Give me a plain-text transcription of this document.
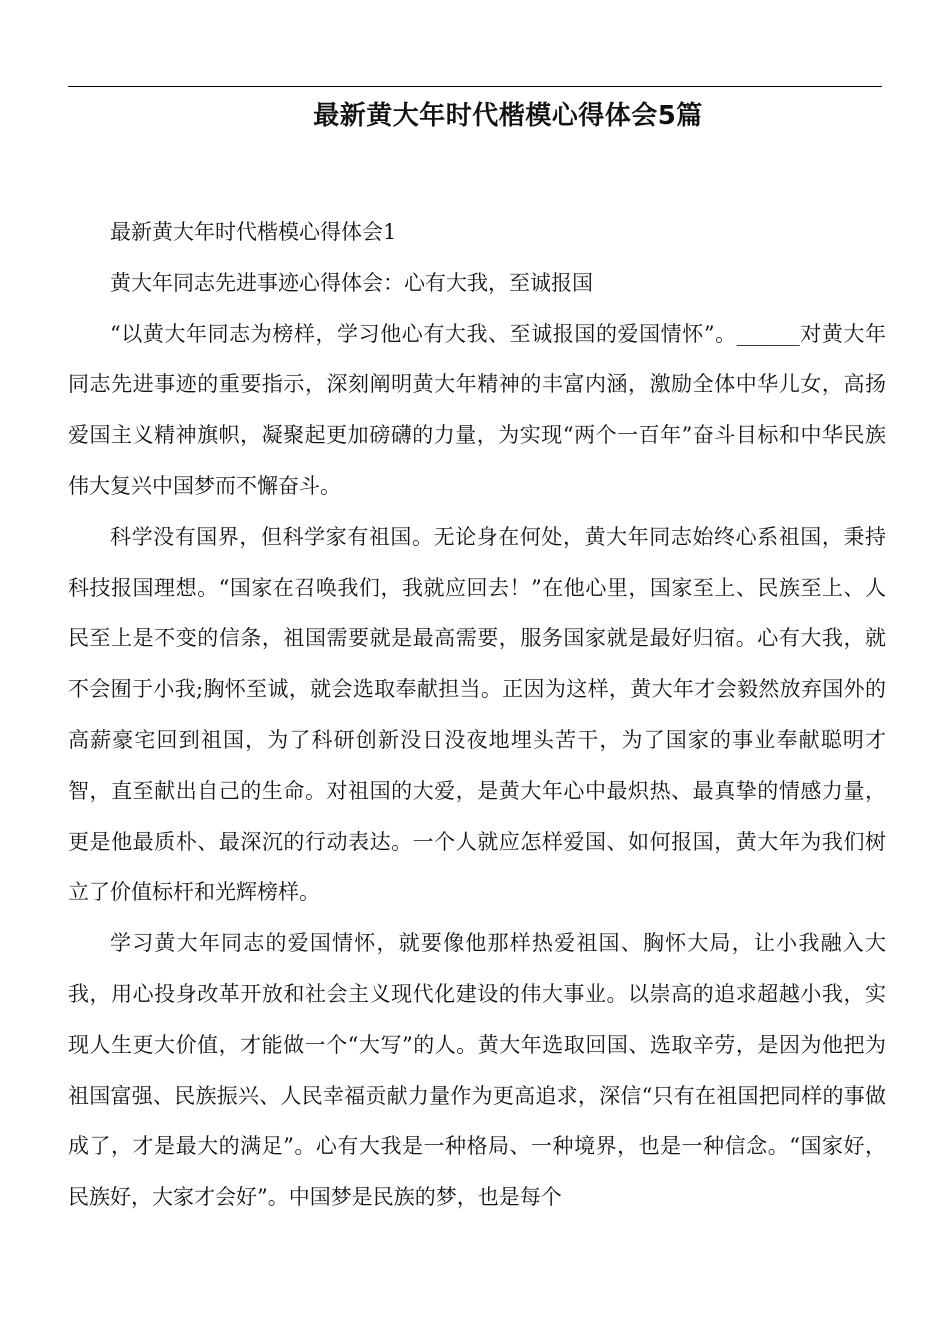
最新黄大年时代楷模心得体会5篇

最新黄大年时代楷模心得体会1

黄大年同志先进事迹心得体会：心有大我，至诚报国

“以黄大年同志为榜样，学习他心有大我、至诚报国的爱国情怀”。______对黄大年同志先进事迹的重要指示，深刻阐明黄大年精神的丰富内涵，激励全体中华儿女，高扬爱国主义精神旗帜，凝聚起更加磅礴的力量，为实现“两个一百年”奋斗目标和中华民族伟大复兴中国梦而不懈奋斗。

科学没有国界，但科学家有祖国。无论身在何处，黄大年同志始终心系祖国，秉持科技报国理想。“国家在召唤我们，我就应回去！”在他心里，国家至上、民族至上、人民至上是不变的信条，祖国需要就是最高需要，服务国家就是最好归宿。心有大我，就不会囿于小我;胸怀至诚，就会选取奉献担当。正因为这样，黄大年才会毅然放弃国外的高薪豪宅回到祖国，为了科研创新没日没夜地埋头苦干，为了国家的事业奉献聪明才智，直至献出自己的生命。对祖国的大爱，是黄大年心中最炽热、最真挚的情感力量，更是他最质朴、最深沉的行动表达。一个人就应怎样爱国、如何报国，黄大年为我们树立了价值标杆和光辉榜样。

学习黄大年同志的爱国情怀，就要像他那样热爱祖国、胸怀大局，让小我融入大我，用心投身改革开放和社会主义现代化建设的伟大事业。以崇高的追求超越小我，实现人生更大价值，才能做一个“大写”的人。黄大年选取回国、选取辛劳，是因为他把为祖国富强、民族振兴、人民幸福贡献力量作为更高追求，深信“只有在祖国把同样的事做成了，才是最大的满足”。心有大我是一种格局、一种境界，也是一种信念。“国家好，民族好，大家才会好”。中国梦是民族的梦，也是每个
